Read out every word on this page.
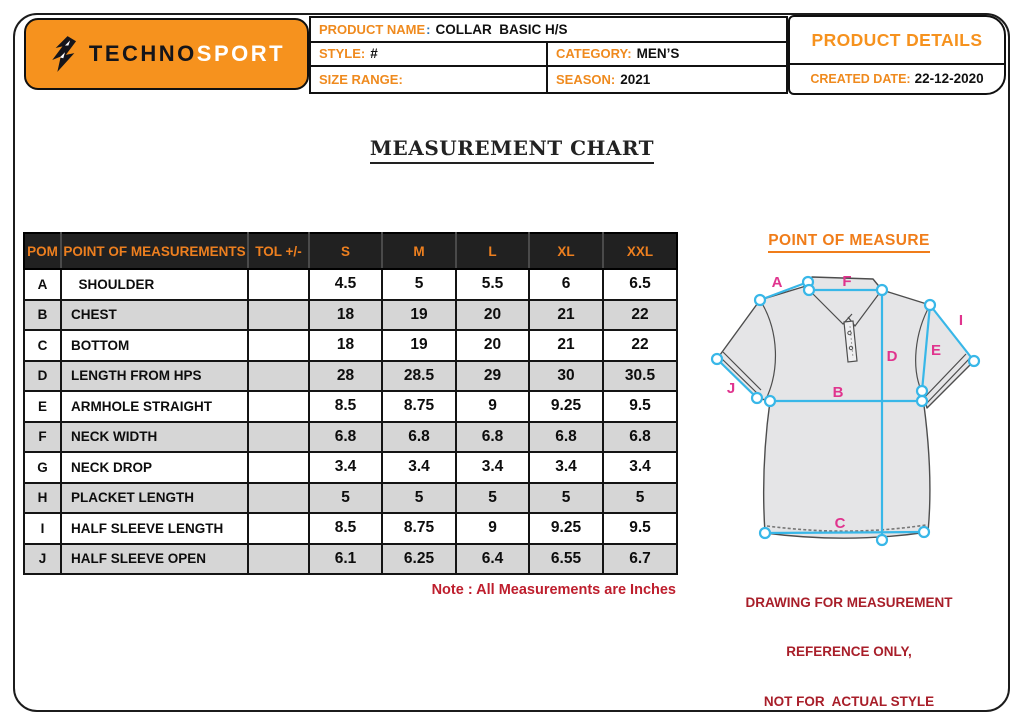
TECHNOSPORT
PRODUCT NAME : COLLAR  BASIC H/S
STYLE: #	CATEGORY: MEN’S
SIZE RANGE:	SEASON: 2021
PRODUCT DETAILS
CREATED DATE: 22-12-2020
MEASUREMENT CHART
POM	POINT OF MEASUREMENTS	TOL +/-	S	M	L	XL	XXL
A	SHOULDER		4.5	5	5.5	6	6.5
B	CHEST		18	19	20	21	22
C	BOTTOM		18	19	20	21	22
D	LENGTH FROM HPS		28	28.5	29	30	30.5
E	ARMHOLE STRAIGHT		8.5	8.75	9	9.25	9.5
F	NECK WIDTH		6.8	6.8	6.8	6.8	6.8
G	NECK DROP		3.4	3.4	3.4	3.4	3.4
H	PLACKET LENGTH		5	5	5	5	5
I	HALF SLEEVE LENGTH		8.5	8.75	9	9.25	9.5
J	HALF SLEEVE OPEN		6.1	6.25	6.4	6.55	6.7
Note : All Measurements are Inches
POINT OF MEASURE
A	F
I
E
D
B
J
C

DRAWING FOR MEASUREMENT

REFERENCE ONLY,

NOT FOR  ACTUAL STYLE
